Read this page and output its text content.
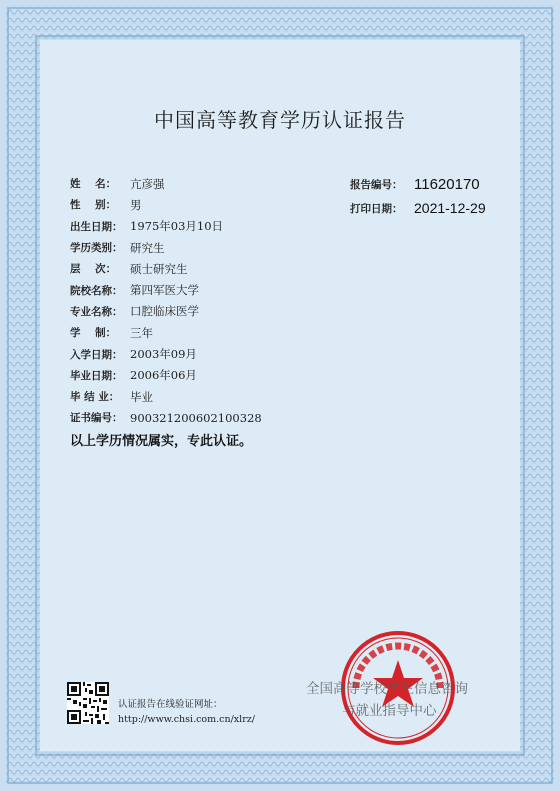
中国高等教育学历认证报告
姓    名：	亢彦强
性    别：	男
出生日期： 1975年03月10日
学历类别： 研究生
层    次：	硕士研究生
院校名称： 第四军医大学
专业名称： 口腔临床医学
学    制：	三年
入学日期： 2003年09月
毕业日期： 2006年06月
毕 结 业： 毕业
证书编号： 900321200602100328
报告编号： 11620170
打印日期： 2021-12-29
以上学历情况属实，专此认证。
认证报告在线验证网址：
http://www.chsi.com.cn/xlrz/
全国高等学校学生信息咨询
与就业指导中心
